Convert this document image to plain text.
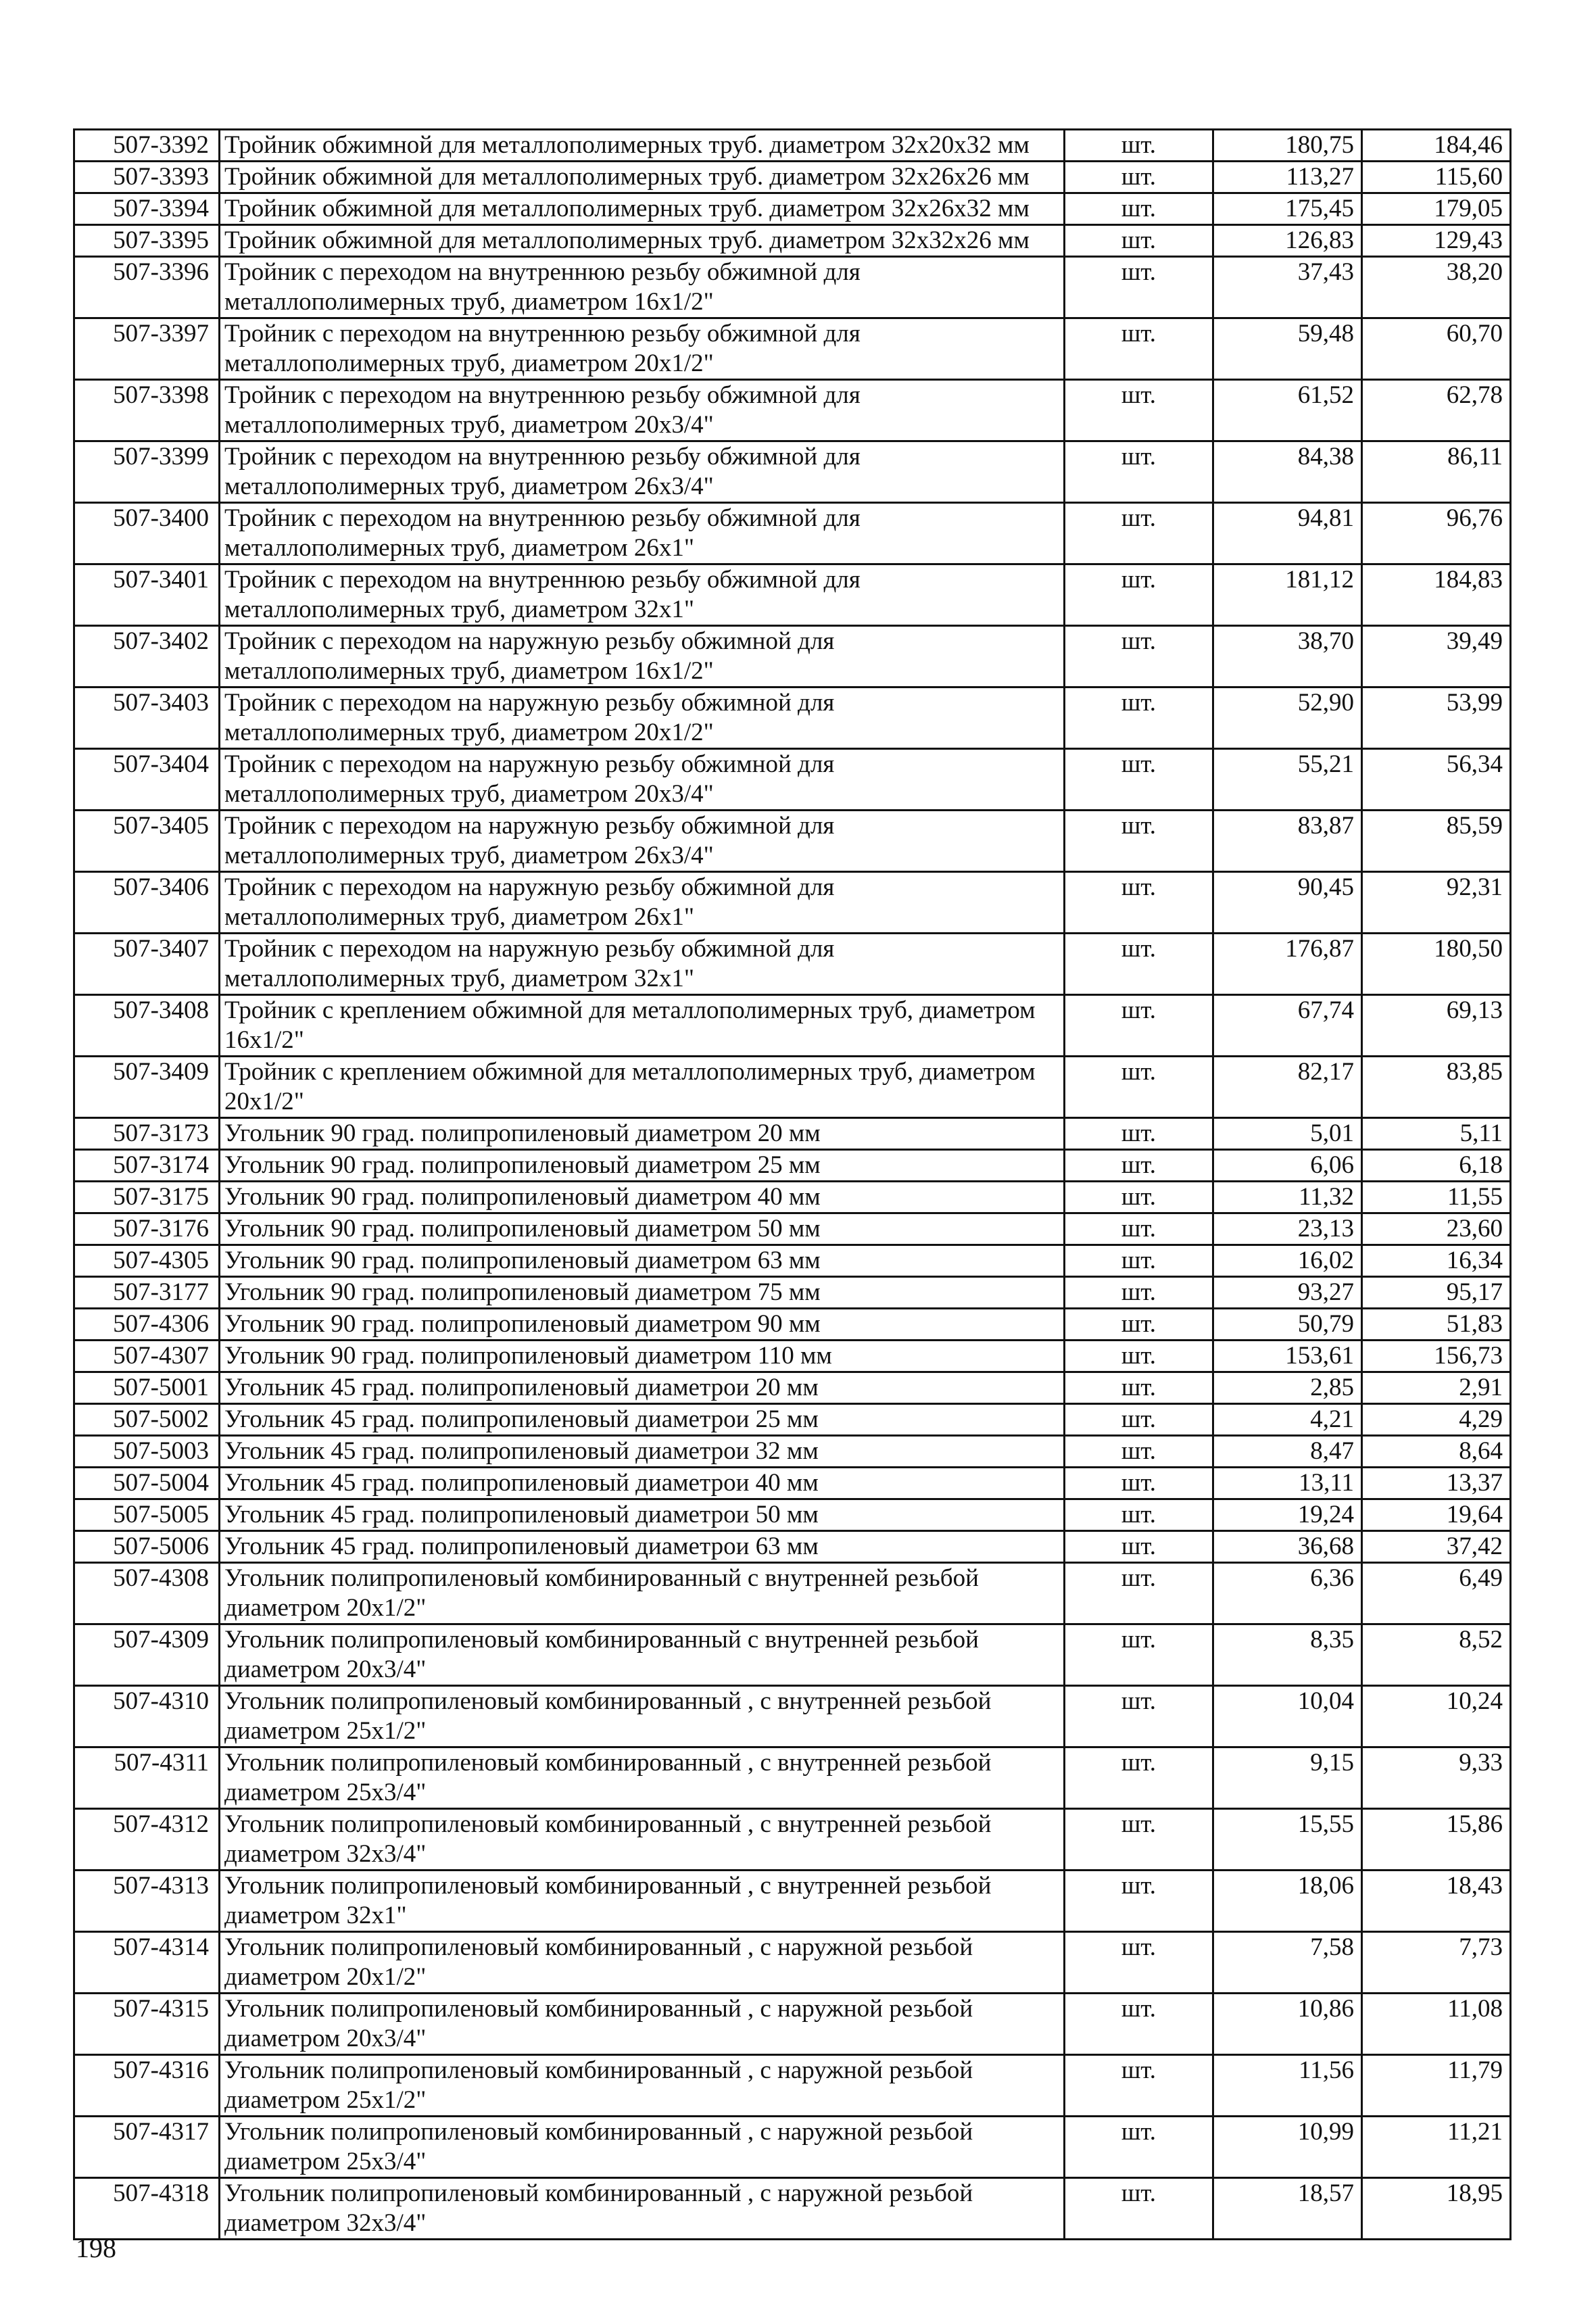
507-3392	Тройник обжимной для металлополимерных труб. диаметром 32x20x32 мм	шт.	180,75	184,46
507-3393	Тройник обжимной для металлополимерных труб. диаметром 32x26x26 мм	шт.	113,27	115,60
507-3394	Тройник обжимной для металлополимерных труб. диаметром 32x26x32 мм	шт.	175,45	179,05
507-3395	Тройник обжимной для металлополимерных труб. диаметром 32x32x26 мм	шт.	126,83	129,43
507-3396	Тройник с переходом на внутреннюю резьбу обжимной для металлополимерных труб, диаметром 16x1/2"	шт.	37,43	38,20
507-3397	Тройник с переходом на внутреннюю резьбу обжимной для металлополимерных труб, диаметром 20x1/2"	шт.	59,48	60,70
507-3398	Тройник с переходом на внутреннюю резьбу обжимной для металлополимерных труб, диаметром 20x3/4"	шт.	61,52	62,78
507-3399	Тройник с переходом на внутреннюю резьбу обжимной для металлополимерных труб, диаметром 26x3/4"	шт.	84,38	86,11
507-3400	Тройник с переходом на внутреннюю резьбу обжимной для металлополимерных труб, диаметром 26x1"	шт.	94,81	96,76
507-3401	Тройник с переходом на внутреннюю резьбу обжимной для металлополимерных труб, диаметром 32x1"	шт.	181,12	184,83
507-3402	Тройник с переходом на наружную резьбу обжимной для металлополимерных труб, диаметром 16x1/2"	шт.	38,70	39,49
507-3403	Тройник с переходом на наружную резьбу обжимной для металлополимерных труб, диаметром 20x1/2"	шт.	52,90	53,99
507-3404	Тройник с переходом на наружную резьбу обжимной для металлополимерных труб, диаметром 20x3/4"	шт.	55,21	56,34
507-3405	Тройник с переходом на наружную резьбу обжимной для металлополимерных труб, диаметром 26x3/4"	шт.	83,87	85,59
507-3406	Тройник с переходом на наружную резьбу обжимной для металлополимерных труб, диаметром 26x1"	шт.	90,45	92,31
507-3407	Тройник с переходом на наружную резьбу обжимной для металлополимерных труб, диаметром 32x1"	шт.	176,87	180,50
507-3408	Тройник с креплением обжимной для металлополимерных труб, диаметром 16x1/2"	шт.	67,74	69,13
507-3409	Тройник с креплением обжимной для металлополимерных труб, диаметром 20x1/2"	шт.	82,17	83,85
507-3173	Угольник 90 град. полипропиленовый диаметром 20 мм	шт.	5,01	5,11
507-3174	Угольник 90 град. полипропиленовый диаметром 25 мм	шт.	6,06	6,18
507-3175	Угольник 90 град. полипропиленовый диаметром 40 мм	шт.	11,32	11,55
507-3176	Угольник 90 град. полипропиленовый диаметром 50 мм	шт.	23,13	23,60
507-4305	Угольник 90 град. полипропиленовый диаметром 63 мм	шт.	16,02	16,34
507-3177	Угольник 90 град. полипропиленовый диаметром 75 мм	шт.	93,27	95,17
507-4306	Угольник 90 град. полипропиленовый диаметром 90 мм	шт.	50,79	51,83
507-4307	Угольник 90 град. полипропиленовый диаметром 110 мм	шт.	153,61	156,73
507-5001	Угольник 45 град. полипропиленовый диаметрои 20 мм	шт.	2,85	2,91
507-5002	Угольник 45 град. полипропиленовый диаметрои 25 мм	шт.	4,21	4,29
507-5003	Угольник 45 град. полипропиленовый диаметрои 32 мм	шт.	8,47	8,64
507-5004	Угольник 45 град. полипропиленовый диаметрои 40 мм	шт.	13,11	13,37
507-5005	Угольник 45 град. полипропиленовый диаметрои 50 мм	шт.	19,24	19,64
507-5006	Угольник 45 град. полипропиленовый диаметрои 63 мм	шт.	36,68	37,42
507-4308	Угольник полипропиленовый комбинированный с внутренней резьбой диаметром 20x1/2"	шт.	6,36	6,49
507-4309	Угольник полипропиленовый комбинированный с внутренней резьбой диаметром 20x3/4"	шт.	8,35	8,52
507-4310	Угольник полипропиленовый комбинированный , с внутренней резьбой диаметром 25x1/2"	шт.	10,04	10,24
507-4311	Угольник полипропиленовый комбинированный , с внутренней резьбой диаметром 25x3/4"	шт.	9,15	9,33
507-4312	Угольник полипропиленовый комбинированный , с внутренней резьбой диаметром 32x3/4"	шт.	15,55	15,86
507-4313	Угольник полипропиленовый комбинированный , с внутренней резьбой диаметром 32x1"	шт.	18,06	18,43
507-4314	Угольник полипропиленовый комбинированный , с наружной резьбой диаметром 20x1/2"	шт.	7,58	7,73
507-4315	Угольник полипропиленовый комбинированный , с наружной резьбой диаметром 20x3/4"	шт.	10,86	11,08
507-4316	Угольник полипропиленовый комбинированный , с наружной резьбой диаметром 25x1/2"	шт.	11,56	11,79
507-4317	Угольник полипропиленовый комбинированный , с наружной резьбой диаметром 25x3/4"	шт.	10,99	11,21
507-4318	Угольник полипропиленовый комбинированный , с наружной резьбой диаметром 32x3/4"	шт.	18,57	18,95
198
